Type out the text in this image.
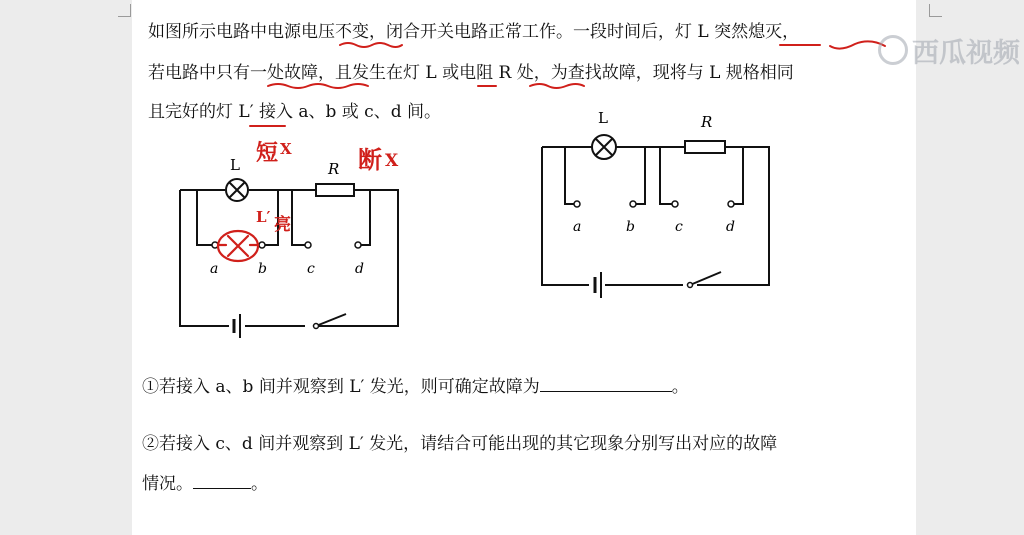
如图所示电路中电源电压不变，闭合开关电路正常工作。一段时间后，灯 L 突然熄灭，
若电路中只有一处故障，且发生在灯 L 或电阻 R 处，为查找故障，现将与 L 规格相同
且完好的灯 L′ 接入 a、b 或 c、d 间。
L	R
a	b	c	d
短 X	断 X
L′ 亮
L	R
a	b	c	d
①若接入 a、b 间并观察到 L′ 发光，则可确定故障为	。
②若接入 c、d 间并观察到 L′ 发光，请结合可能出现的其它现象分别写出对应的故障
情况。	。
西瓜视频
